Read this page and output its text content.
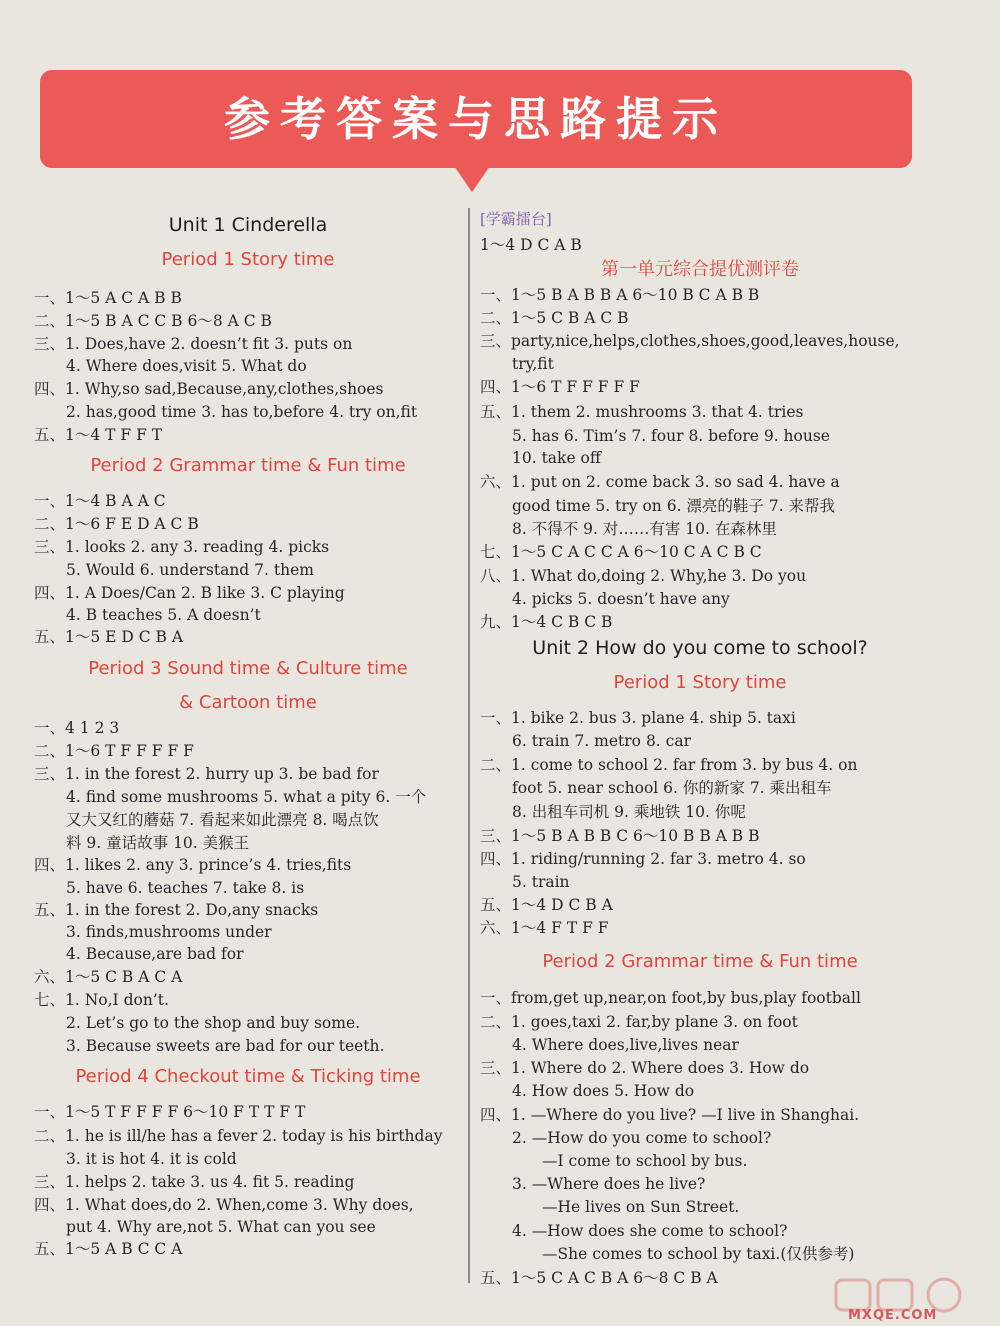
参考答案与思路提示
Unit 1 Cinderella
Period 1 Story time
一、1～5 A C A B B
二、1～5 B A C C B 6～8 A C B
三、1. Does,have 2. doesn’t fit 3. puts on
4. Where does,visit 5. What do
四、1. Why,so sad,Because,any,clothes,shoes
2. has,good time 3. has to,before 4. try on,fit
五、1～4 T F F T
Period 2 Grammar time & Fun time
一、1～4 B A A C
二、1～6 F E D A C B
三、1. looks 2. any 3. reading 4. picks
5. Would 6. understand 7. them
四、1. A Does/Can 2. B like 3. C playing
4. B teaches 5. A doesn’t
五、1～5 E D C B A
Period 3 Sound time & Culture time
& Cartoon time
一、4 1 2 3
二、1～6 T F F F F F
三、1. in the forest 2. hurry up 3. be bad for
4. find some mushrooms 5. what a pity 6. 一个
又大又红的蘑菇 7. 看起来如此漂亮 8. 喝点饮
料 9. 童话故事 10. 美猴王
四、1. likes 2. any 3. prince’s 4. tries,fits
5. have 6. teaches 7. take 8. is
五、1. in the forest 2. Do,any snacks
3. finds,mushrooms under
4. Because,are bad for
六、1～5 C B A C A
七、1. No,I don’t.
2. Let’s go to the shop and buy some.
3. Because sweets are bad for our teeth.
Period 4 Checkout time & Ticking time
一、1～5 T F F F F 6～10 F T T F T
二、1. he is ill/he has a fever 2. today is his birthday
3. it is hot 4. it is cold
三、1. helps 2. take 3. us 4. fit 5. reading
四、1. What does,do 2. When,come 3. Why does,
put 4. Why are,not 5. What can you see
五、1～5 A B C C A
[学霸擂台]
1～4 D C A B
第一单元综合提优测评卷
一、1～5 B A B B A 6～10 B C A B B
二、1～5 C B A C B
三、party,nice,helps,clothes,shoes,good,leaves,house,
try,fit
四、1～6 T F F F F F
五、1. them 2. mushrooms 3. that 4. tries
5. has 6. Tim’s 7. four 8. before 9. house
10. take off
六、1. put on 2. come back 3. so sad 4. have a
good time 5. try on 6. 漂亮的鞋子 7. 来帮我
8. 不得不 9. 对……有害 10. 在森林里
七、1～5 C A C C A 6～10 C A C B C
八、1. What do,doing 2. Why,he 3. Do you
4. picks 5. doesn’t have any
九、1～4 C B C B
Unit 2 How do you come to school?
Period 1 Story time
一、1. bike 2. bus 3. plane 4. ship 5. taxi
6. train 7. metro 8. car
二、1. come to school 2. far from 3. by bus 4. on
foot 5. near school 6. 你的新家 7. 乘出租车
8. 出租车司机 9. 乘地铁 10. 你呢
三、1～5 B A B B C 6～10 B B A B B
四、1. riding/running 2. far 3. metro 4. so
5. train
五、1～4 D C B A
六、1～4 F T F F
Period 2 Grammar time & Fun time
一、from,get up,near,on foot,by bus,play football
二、1. goes,taxi 2. far,by plane 3. on foot
4. Where does,live,lives near
三、1. Where do 2. Where does 3. How do
4. How does 5. How do
四、1. —Where do you live? —I live in Shanghai.
2. —How do you come to school?
—I come to school by bus.
3. —Where does he live?
—He lives on Sun Street.
4. —How does she come to school?
—She comes to school by taxi.(仅供参考)
五、1～5 C A C B A 6～8 C B A
MXQE.COM
